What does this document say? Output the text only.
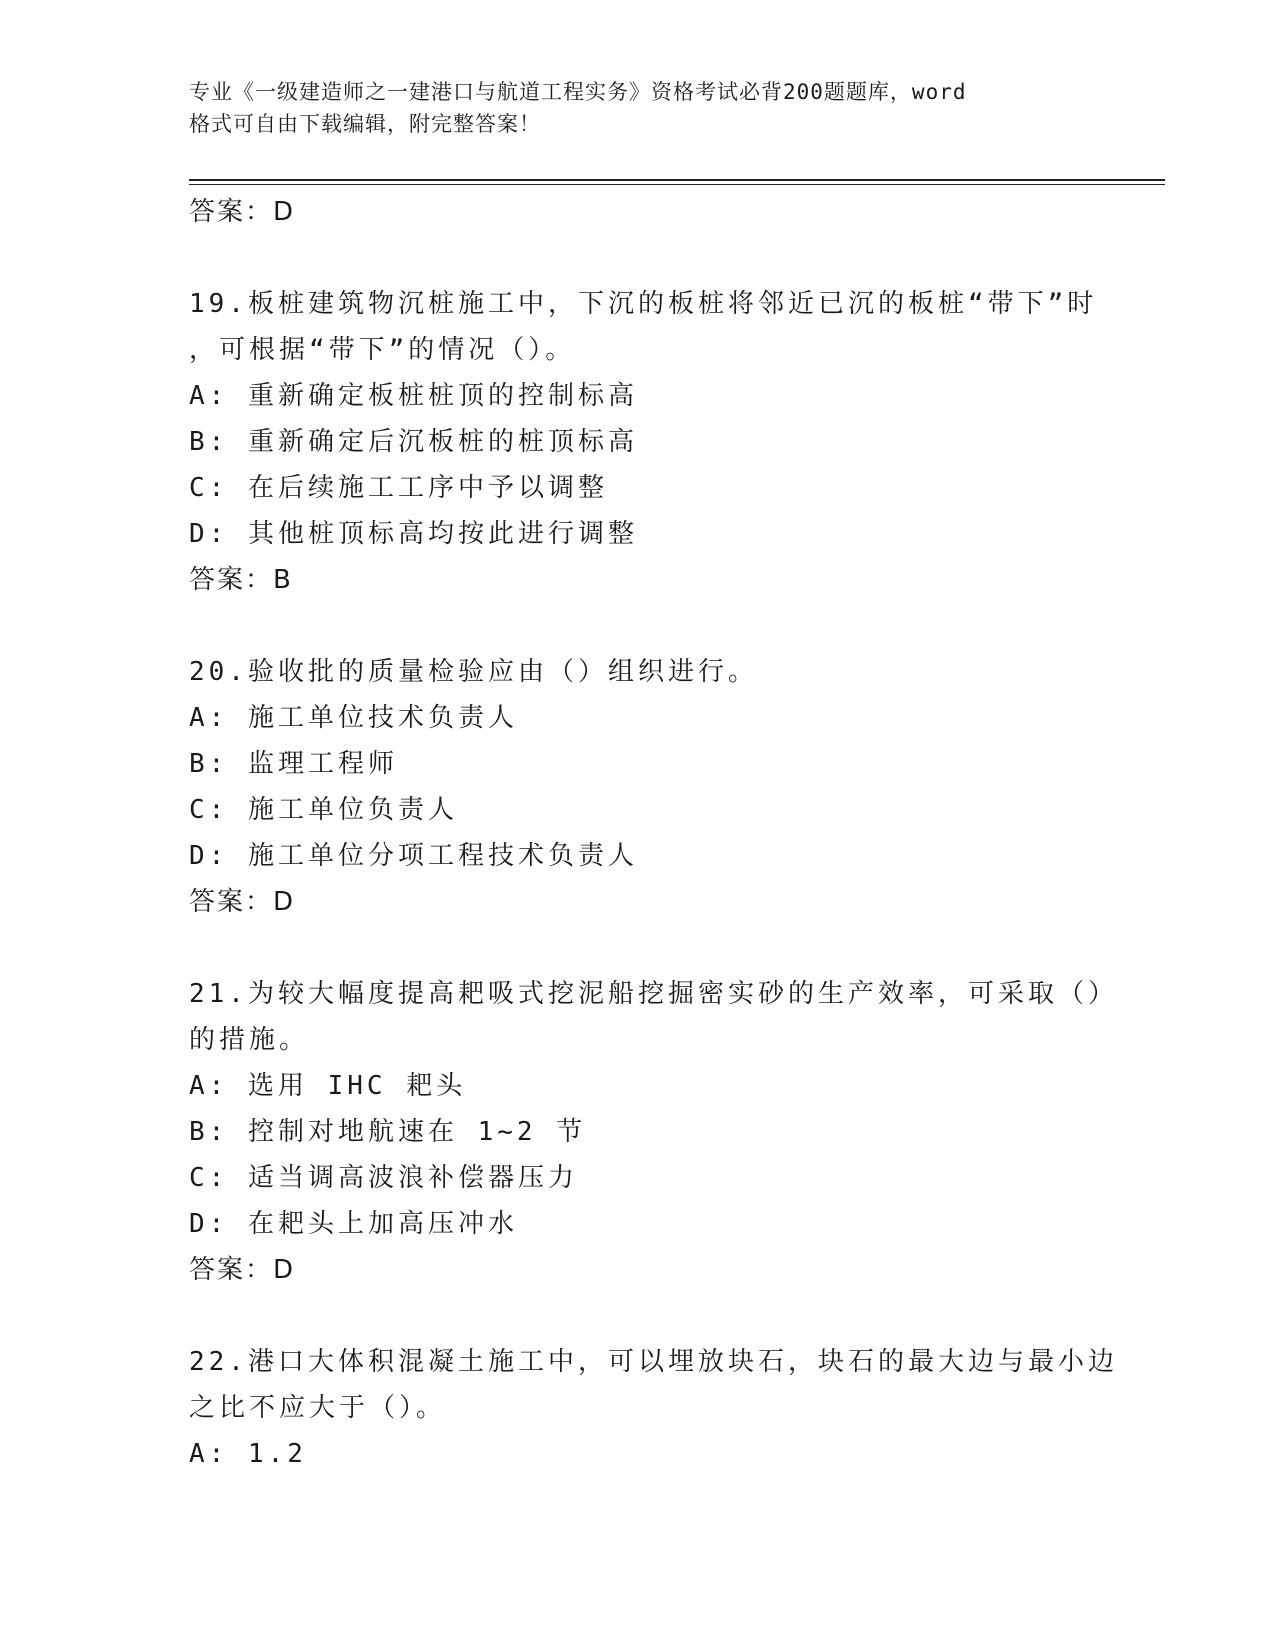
专业《一级建造师之一建港口与航道工程实务》资格考试必背200题题库，word
格式可自由下载编辑，附完整答案！
答案：D
19.板桩建筑物沉桩施工中，下沉的板桩将邻近已沉的板桩“带下”时
，可根据“带下”的情况（）。
A: 重新确定板桩桩顶的控制标高
B: 重新确定后沉板桩的桩顶标高
C: 在后续施工工序中予以调整
D: 其他桩顶标高均按此进行调整
答案：B
20.验收批的质量检验应由（）组织进行。
A: 施工单位技术负责人
B: 监理工程师
C: 施工单位负责人
D: 施工单位分项工程技术负责人
答案：D
21.为较大幅度提高耙吸式挖泥船挖掘密实砂的生产效率，可采取（）
的措施。
A: 选用 IHC 耙头
B: 控制对地航速在 1~2 节
C: 适当调高波浪补偿器压力
D: 在耙头上加高压冲水
答案：D
22.港口大体积混凝土施工中，可以埋放块石，块石的最大边与最小边
之比不应大于（）。
A: 1.2
